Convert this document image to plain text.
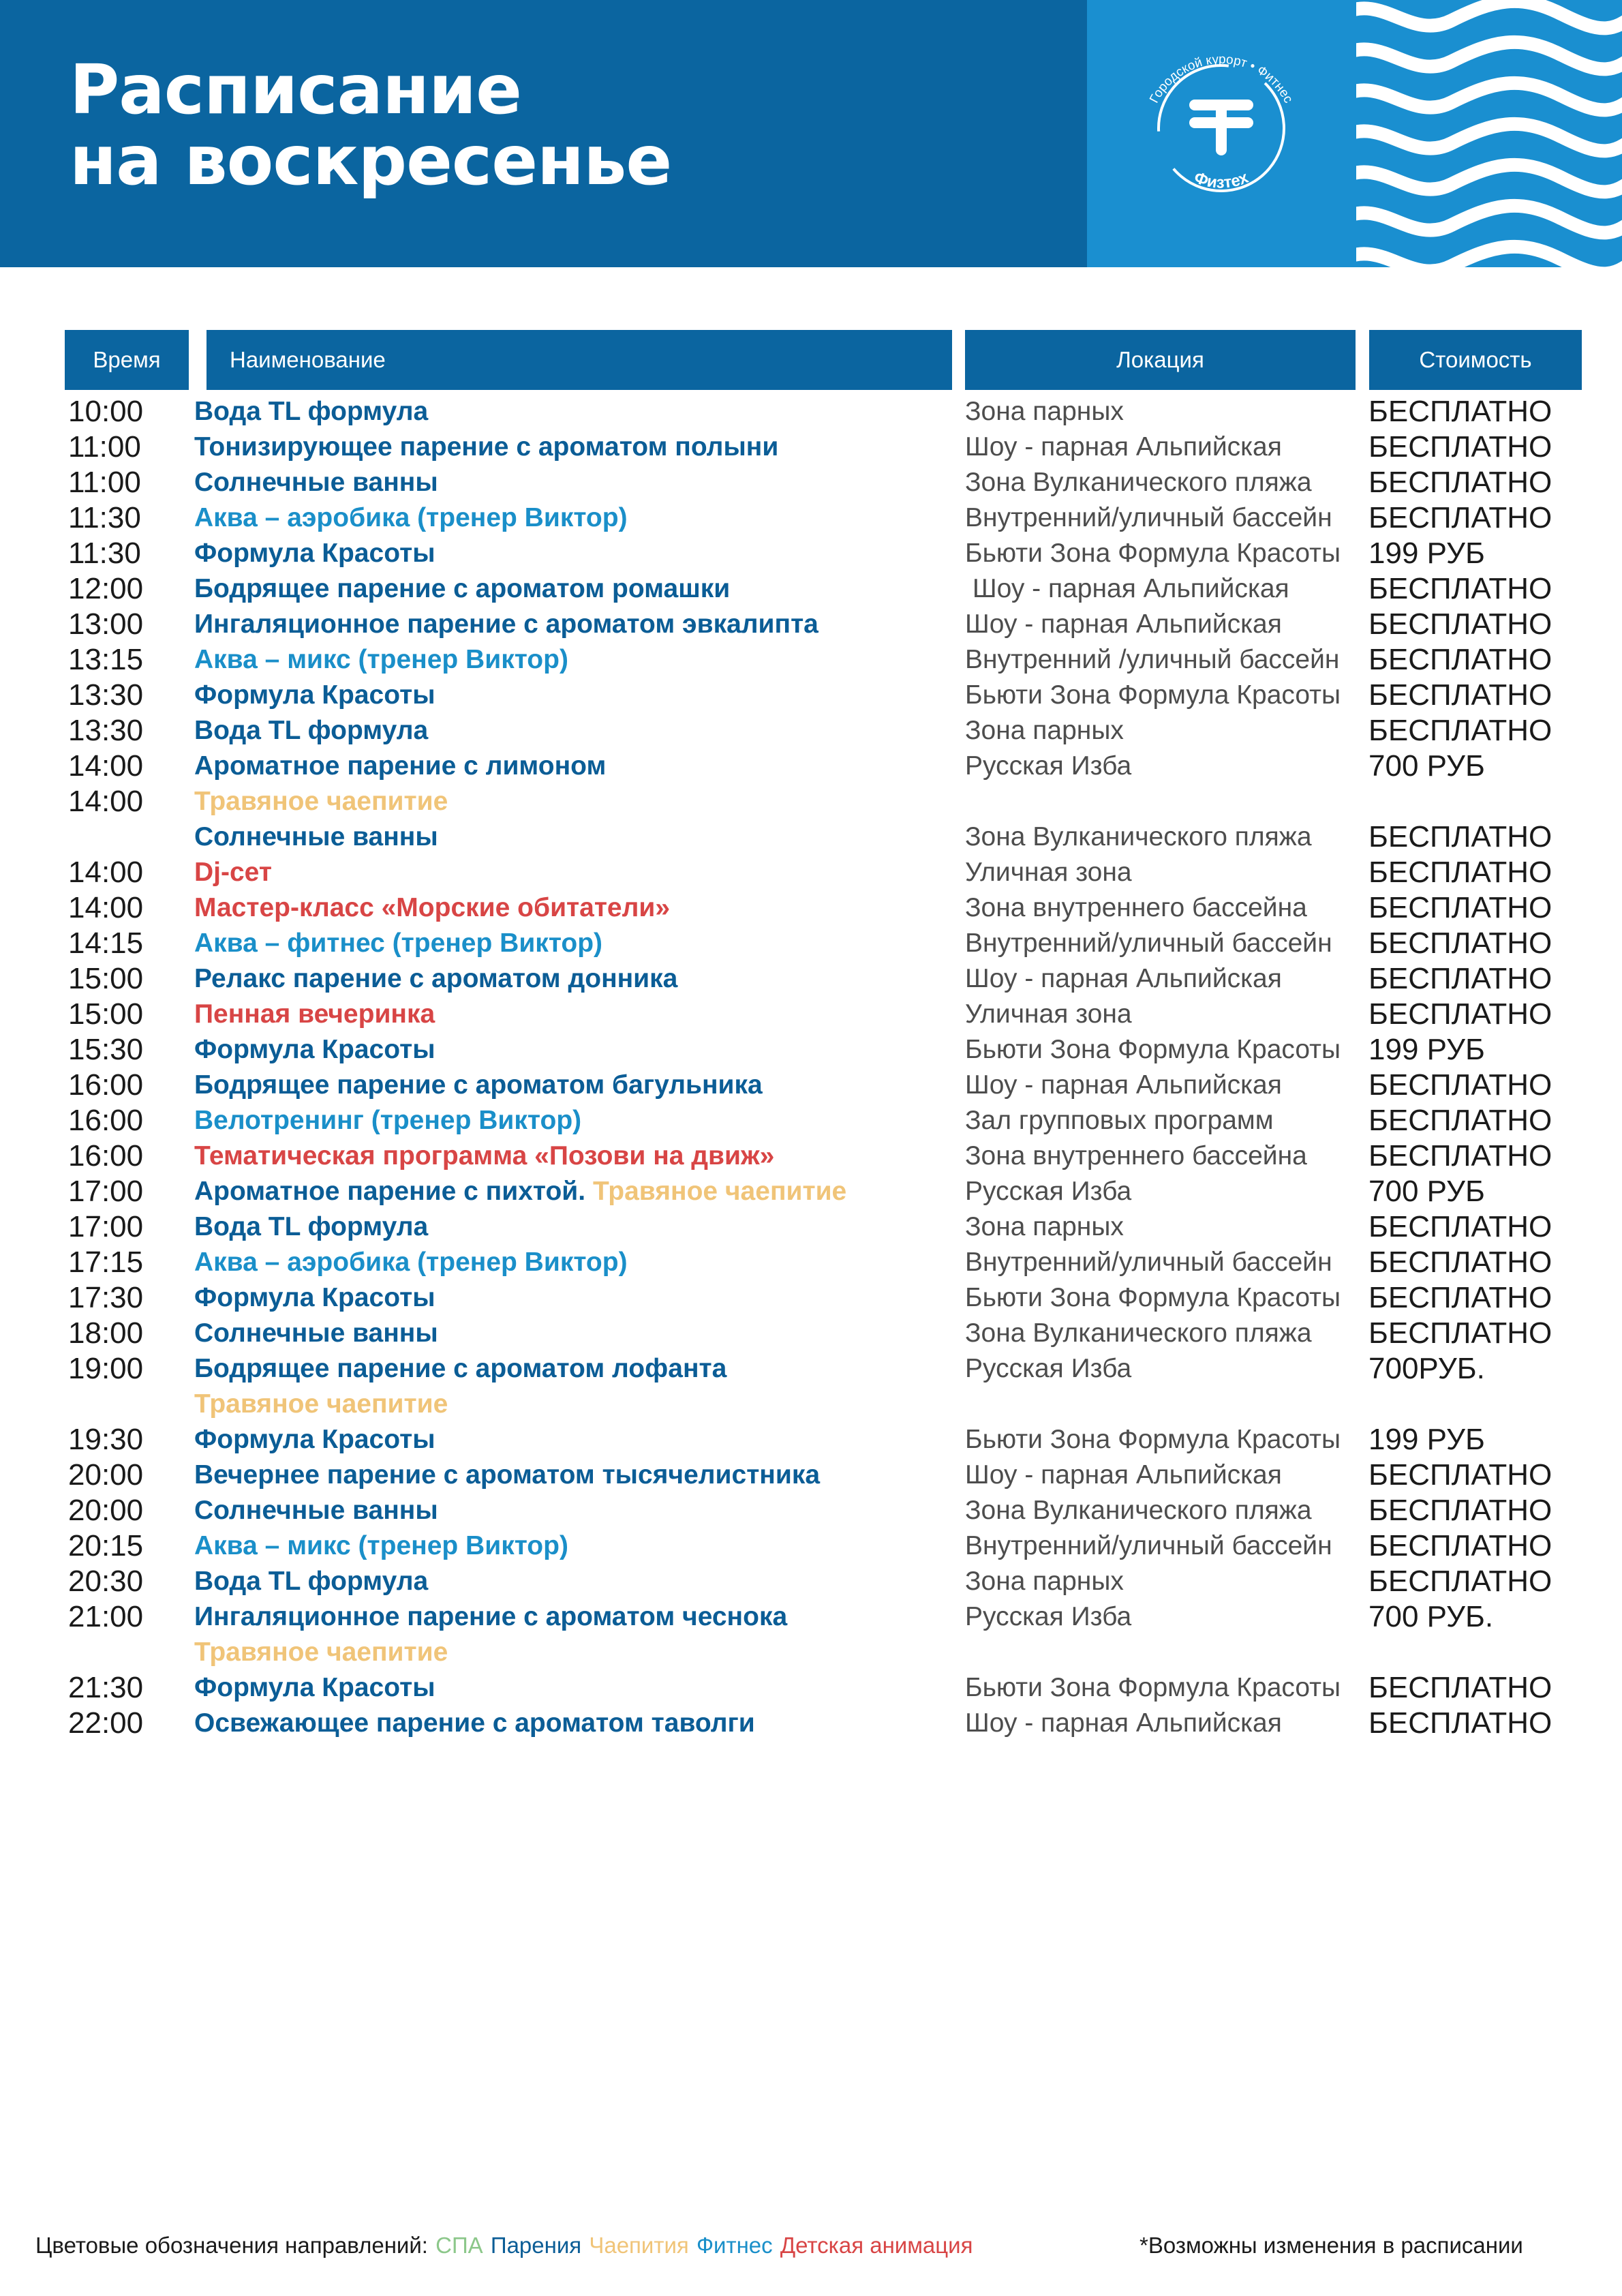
Расписание
на воскресенье
Городской курорт • Фитнес
Физтех
Время	Наименование	Локация	Стоимость
10:00 Вода TL формула	Зона парных	БЕСПЛАТНО
11:00 Тонизирующее парение с ароматом полыни	Шоу - парная Альпийская	БЕСПЛАТНО
11:00 Солнечные ванны	Зона Вулканического пляжа БЕСПЛАТНО
11:30 Аква – аэробика (тренер Виктор)	Внутренний/уличный бассейн БЕСПЛАТНО
11:30 Формула Красоты	Бьюти Зона Формула Красоты 199 РУБ
12:00 Бодрящее парение с ароматом ромашки	Шоу - парная Альпийская	БЕСПЛАТНО
13:00 Ингаляционное парение с ароматом эвкалипта	Шоу - парная Альпийская	БЕСПЛАТНО
13:15 Аква – микс (тренер Виктор)	Внутренний /уличный бассейн БЕСПЛАТНО
13:30 Формула Красоты	Бьюти Зона Формула Красоты БЕСПЛАТНО
13:30 Вода TL формула	Зона парных	БЕСПЛАТНО
14:00 Ароматное парение с лимоном	Русская Изба	700 РУБ
14:00 Травяное чаепитие
Солнечные ванны	Зона Вулканического пляжа БЕСПЛАТНО
14:00 Dj-сет	Уличная зона	БЕСПЛАТНО
14:00 Мастер-класс «Морские обитатели»	Зона внутреннего бассейна БЕСПЛАТНО
14:15 Аква – фитнес (тренер Виктор)	Внутренний/уличный бассейн БЕСПЛАТНО
15:00 Релакс парение с ароматом донника	Шоу - парная Альпийская	БЕСПЛАТНО
15:00 Пенная вечеринка	Уличная зона	БЕСПЛАТНО
15:30 Формула Красоты	Бьюти Зона Формула Красоты 199 РУБ
16:00 Бодрящее парение с ароматом багульника	Шоу - парная Альпийская	БЕСПЛАТНО
16:00 Велотренинг (тренер Виктор)	Зал групповых программ	БЕСПЛАТНО
16:00 Тематическая программа «Позови на движ»	Зона внутреннего бассейна БЕСПЛАТНО
17:00 Ароматное парение с пихтой. Травяное чаепитие	Русская Изба	700 РУБ
17:00 Вода TL формула	Зона парных	БЕСПЛАТНО
17:15 Аква – аэробика (тренер Виктор)	Внутренний/уличный бассейн БЕСПЛАТНО
17:30 Формула Красоты	Бьюти Зона Формула Красоты БЕСПЛАТНО
18:00 Солнечные ванны	Зона Вулканического пляжа БЕСПЛАТНО
19:00 Бодрящее парение с ароматом лофанта	Русская Изба	700РУБ.
Травяное чаепитие
19:30 Формула Красоты	Бьюти Зона Формула Красоты 199 РУБ
20:00 Вечернее парение с ароматом тысячелистника	Шоу - парная Альпийская	БЕСПЛАТНО
20:00 Солнечные ванны	Зона Вулканического пляжа БЕСПЛАТНО
20:15 Аква – микс (тренер Виктор)	Внутренний/уличный бассейн БЕСПЛАТНО
20:30 Вода TL формула	Зона парных	БЕСПЛАТНО
21:00 Ингаляционное парение с ароматом чеснока	Русская Изба	700 РУБ.
Травяное чаепитие
21:30 Формула Красоты	Бьюти Зона Формула Красоты БЕСПЛАТНО
22:00 Освежающее парение с ароматом таволги	Шоу - парная Альпийская	БЕСПЛАТНО
Цветовые обозначения направлений: СПА Парения Чаепития Фитнес Детская анимация	*Возможны изменения в расписании
